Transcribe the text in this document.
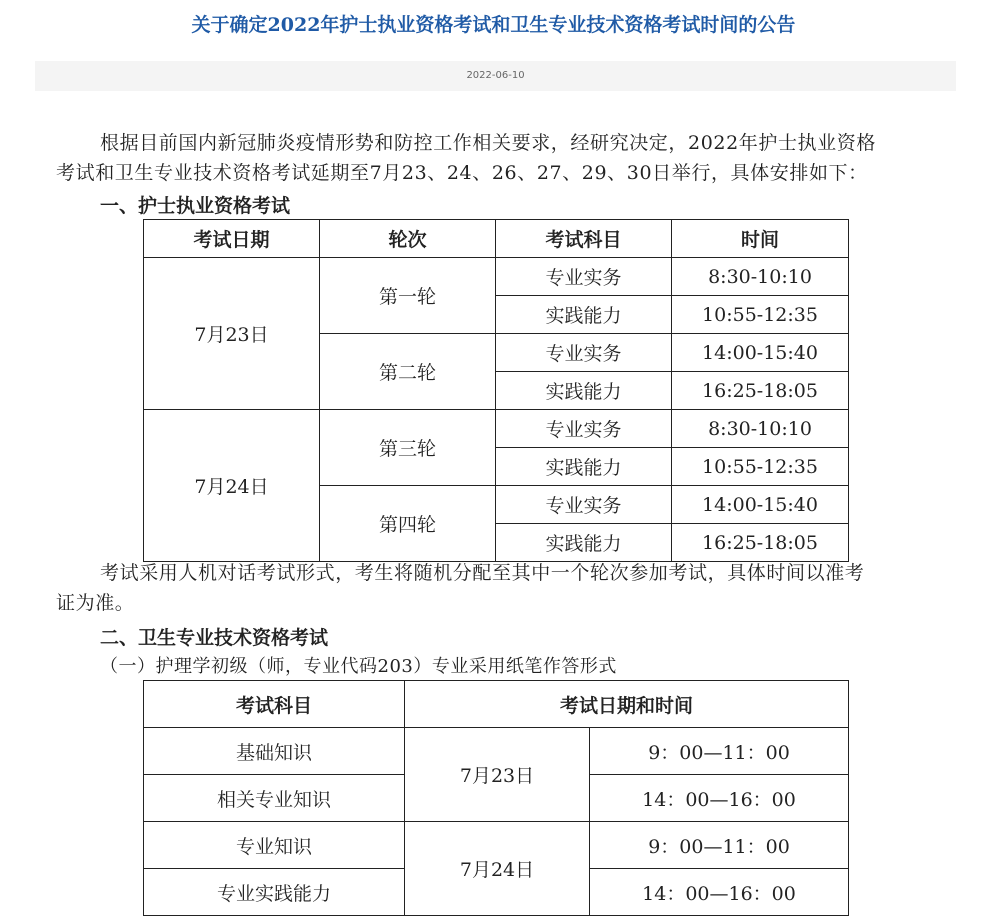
关于确定2022年护士执业资格考试和卫生专业技术资格考试时间的公告
2022-06-10

根据目前国内新冠肺炎疫情形势和防控工作相关要求，经研究决定，2022年护士执业资格

考试和卫生专业技术资格考试延期至7月23、24、26、27、29、30日举行，具体安排如下：

一、护士执业资格考试

考试日期	轮次	考试科目	时间
7月23日	第一轮	专业实务	8:30-10:10
		实践能力	10:55-12:35
	第二轮	专业实务	14:00-15:40
		实践能力	16:25-18:05
7月24日	第三轮	专业实务	8:30-10:10
		实践能力	10:55-12:35
	第四轮	专业实务	14:00-15:40
		实践能力	16:25-18:05

考试采用人机对话考试形式，考生将随机分配至其中一个轮次参加考试，具体时间以准考

证为准。

二、卫生专业技术资格考试

（一）护理学初级（师，专业代码203）专业采用纸笔作答形式

考试科目	考试日期和时间	
基础知识	7月23日	9：00—11：00
相关专业知识		14：00—16：00
专业知识	7月24日	9：00—11：00
专业实践能力		14：00—16：00
